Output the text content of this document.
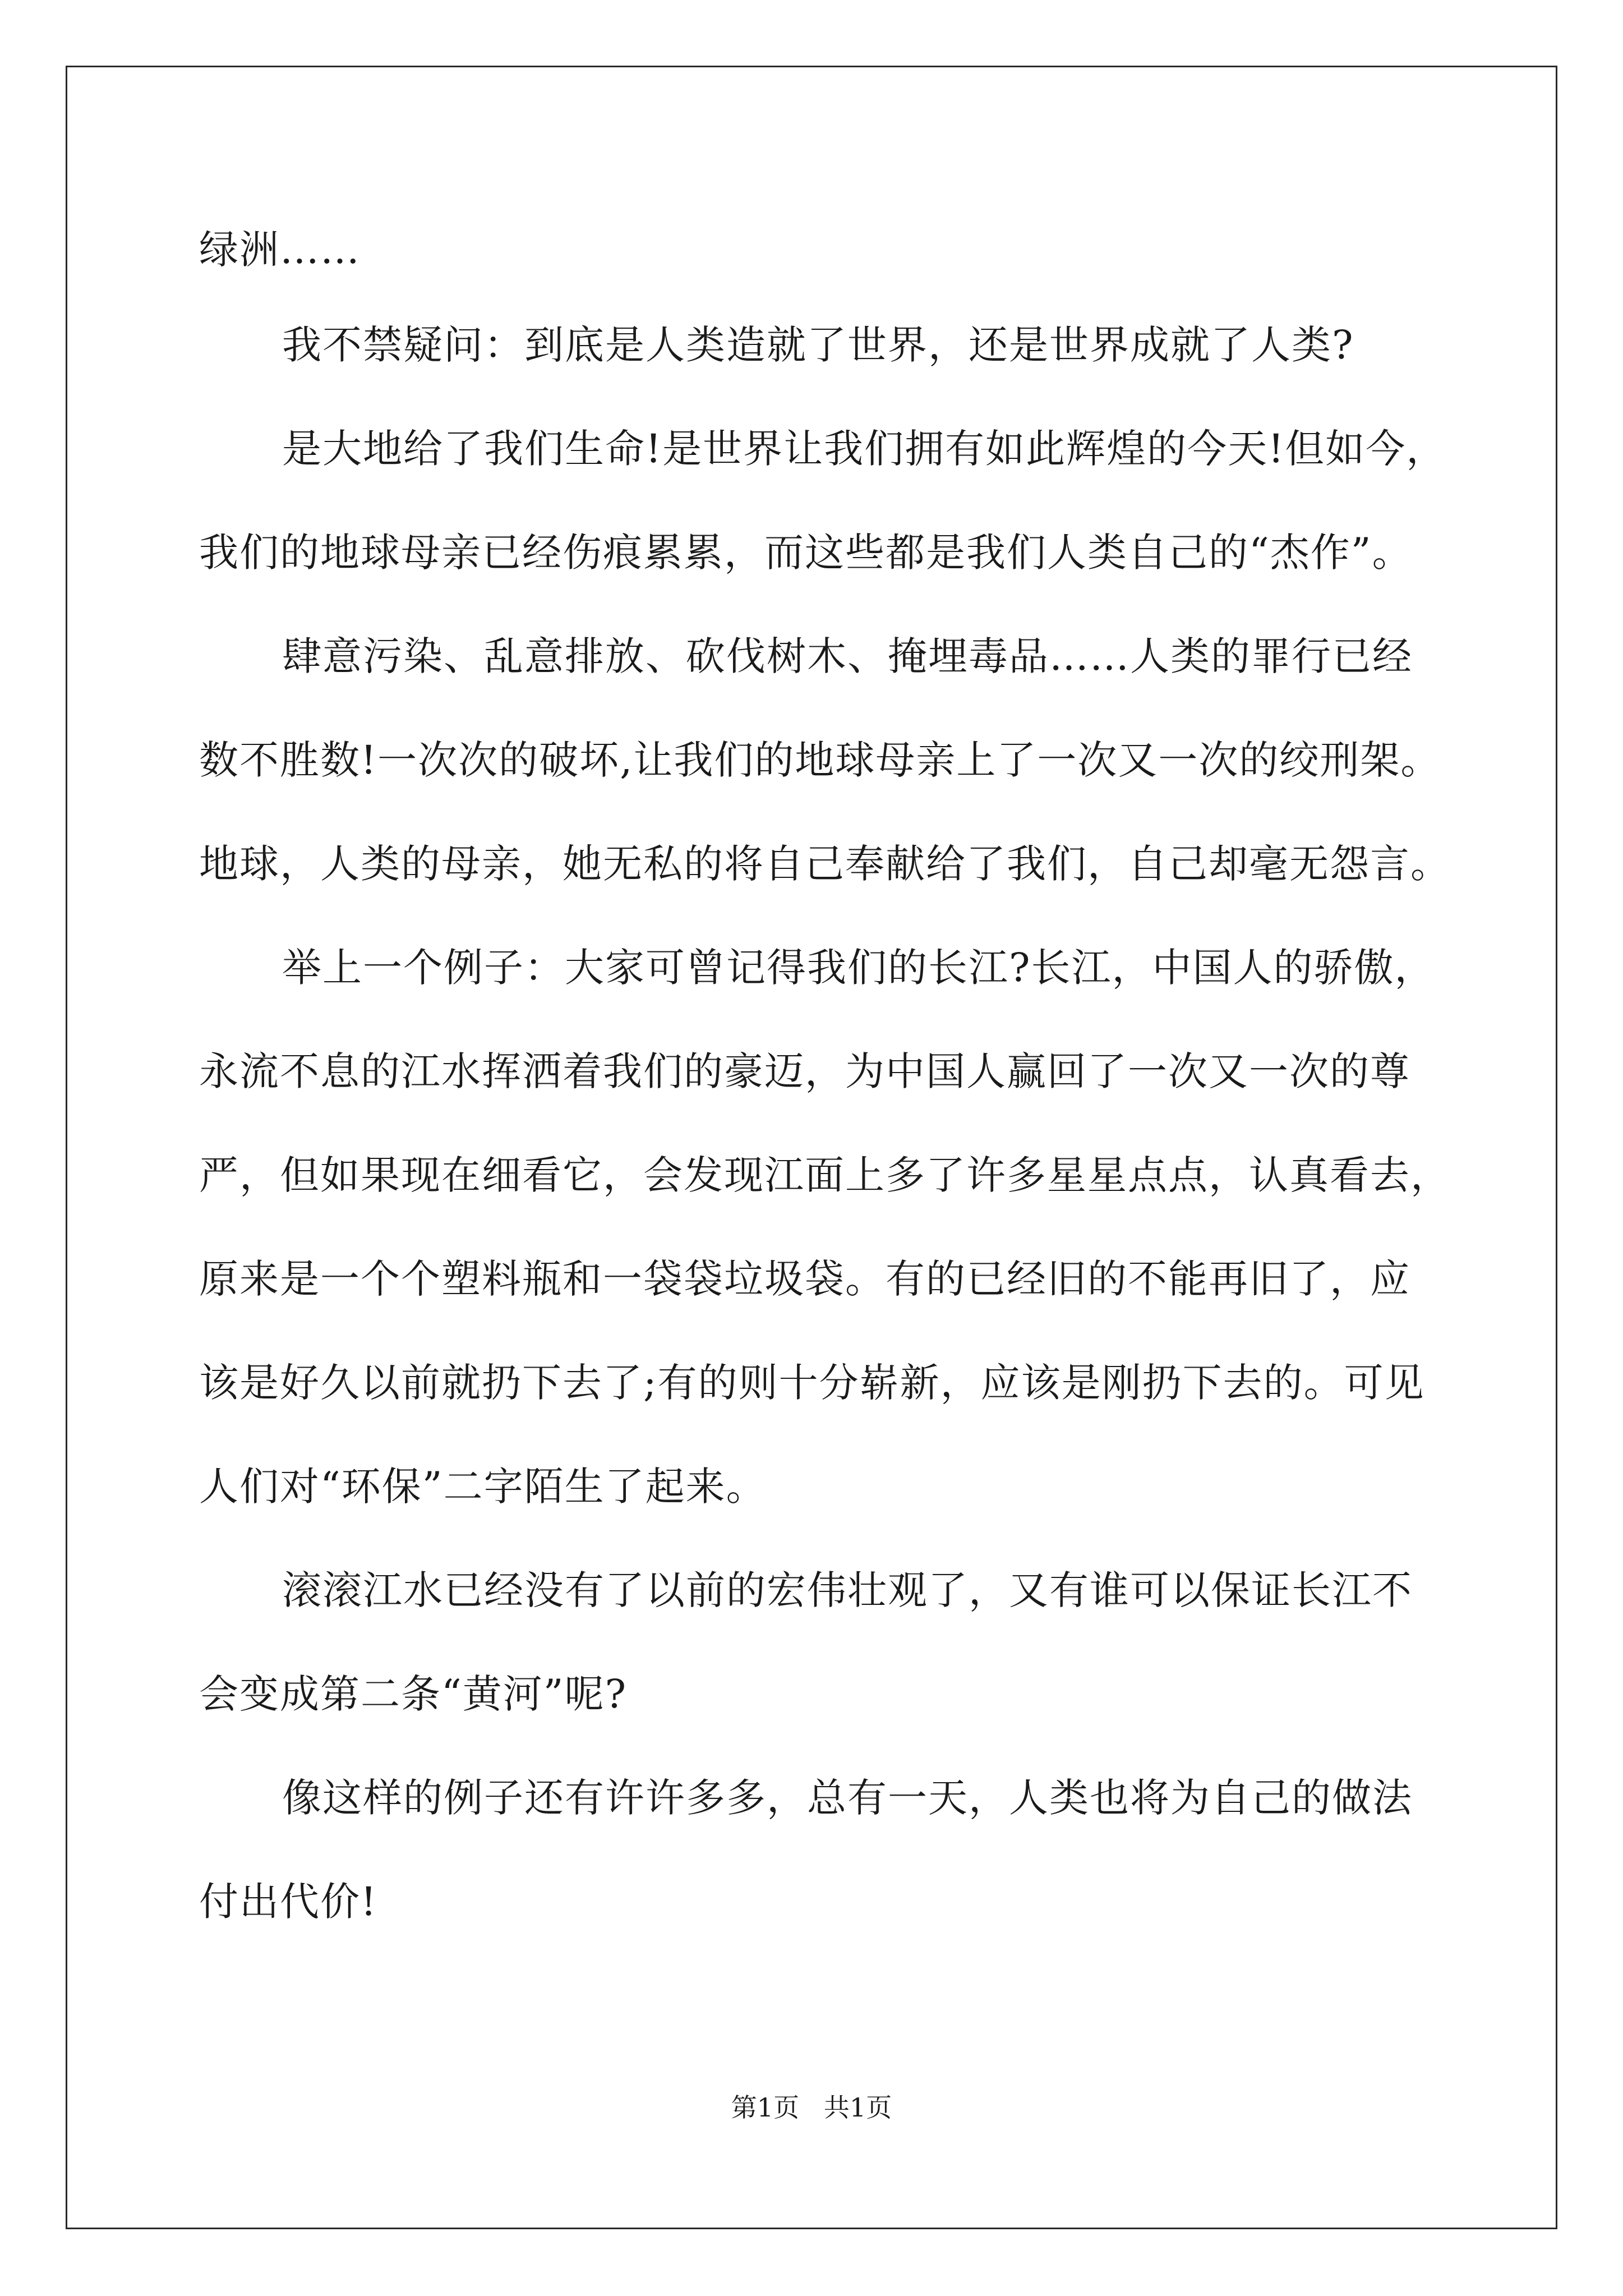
绿洲……
我不禁疑问：到底是人类造就了世界，还是世界成就了人类?
是大地给了我们生命!是世界让我们拥有如此辉煌的今天!但如今，
我们的地球母亲已经伤痕累累，而这些都是我们人类自己的“杰作”。
肆意污染、乱意排放、砍伐树木、掩埋毒品……人类的罪行已经
数不胜数!一次次的破坏,让我们的地球母亲上了一次又一次的绞刑架。
地球，人类的母亲，她无私的将自己奉献给了我们，自己却毫无怨言。
举上一个例子：大家可曾记得我们的长江?长江，中国人的骄傲，
永流不息的江水挥洒着我们的豪迈，为中国人赢回了一次又一次的尊
严，但如果现在细看它，会发现江面上多了许多星星点点，认真看去，
原来是一个个塑料瓶和一袋袋垃圾袋。有的已经旧的不能再旧了，应
该是好久以前就扔下去了;有的则十分崭新，应该是刚扔下去的。可见
人们对“环保”二字陌生了起来。
滚滚江水已经没有了以前的宏伟壮观了，又有谁可以保证长江不
会变成第二条“黄河”呢?
像这样的例子还有许许多多，总有一天，人类也将为自己的做法
付出代价!
第1页   共1页
